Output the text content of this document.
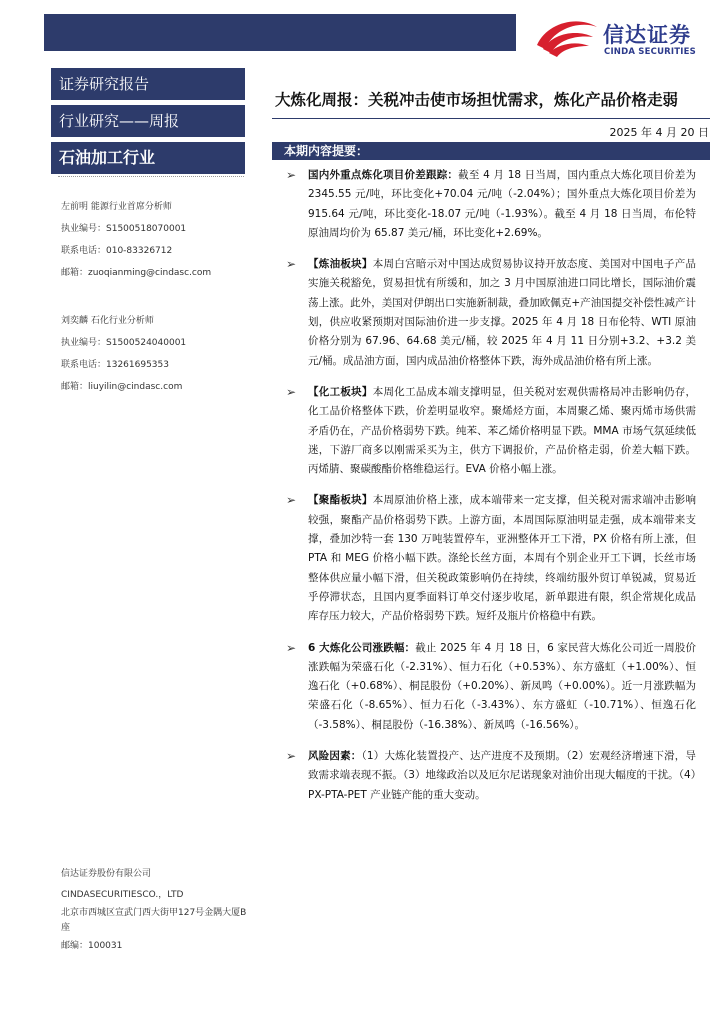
信达证券
CINDA SECURITIES
证券研究报告
行业研究——周报
石油加工行业
左前明 能源行业首席分析师
执业编号：S1500518070001
联系电话：010-83326712
邮箱：zuoqianming@cindasc.com
刘奕麟 石化行业分析师
执业编号：S1500524040001
联系电话：13261695353
邮箱：liuyilin@cindasc.com
信达证券股份有限公司
CINDASECURITIESCO.，LTD
北京市西城区宣武门西大街甲127号金隅大厦B座
邮编：100031
大炼化周报：关税冲击使市场担忧需求，炼化产品价格走弱
2025 年 4 月 20 日
本期内容提要：
➢ 国内外重点炼化项目价差跟踪：截至 4 月 18 日当周，国内重点大炼化项目价差为 2345.55 元/吨，环比变化+70.04 元/吨（-2.04%）；国外重点大炼化项目价差为 915.64 元/吨，环比变化-18.07 元/吨（-1.93%）。截至 4 月 18 日当周，布伦特原油周均价为 65.87 美元/桶，环比变化+2.69%。
➢ 【炼油板块】本周白宫暗示对中国达成贸易协议持开放态度、美国对中国电子产品实施关税豁免，贸易担忧有所缓和，加之 3 月中国原油进口同比增长，国际油价震荡上涨。此外，美国对伊朗出口实施新制裁，叠加欧佩克+产油国提交补偿性减产计划，供应收紧预期对国际油价进一步支撑。2025 年 4 月 18 日布伦特、WTI 原油价格分别为 67.96、64.68 美元/桶，较 2025 年 4 月 11 日分别+3.2、+3.2 美元/桶。成品油方面，国内成品油价格整体下跌，海外成品油价格有所上涨。
➢ 【化工板块】本周化工品成本端支撑明显，但关税对宏观供需格局冲击影响仍存，化工品价格整体下跌，价差明显收窄。聚烯烃方面，本周聚乙烯、聚丙烯市场供需矛盾仍在，产品价格弱势下跌。纯苯、苯乙烯价格明显下跌。MMA 市场气氛延续低迷，下游厂商多以刚需采买为主，供方下调报价，产品价格走弱，价差大幅下跌。丙烯腈、聚碳酸酯价格维稳运行。EVA 价格小幅上涨。
➢ 【聚酯板块】本周原油价格上涨，成本端带来一定支撑，但关税对需求端冲击影响较强，聚酯产品价格弱势下跌。上游方面，本周国际原油明显走强，成本端带来支撑，叠加沙特一套 130 万吨装置停车，亚洲整体开工下滑，PX 价格有所上涨，但 PTA 和 MEG 价格小幅下跌。涤纶长丝方面，本周有个别企业开工下调，长丝市场整体供应量小幅下滑，但关税政策影响仍在持续，终端纺服外贸订单锐减，贸易近乎停滞状态，且国内夏季面料订单交付逐步收尾，新单跟进有限，织企常规化成品库存压力较大，产品价格弱势下跌。短纤及瓶片价格稳中有跌。
➢ 6 大炼化公司涨跌幅：截止 2025 年 4 月 18 日，6 家民营大炼化公司近一周股价涨跌幅为荣盛石化（-2.31%）、恒力石化（+0.53%）、东方盛虹（+1.00%）、恒逸石化（+0.68%）、桐昆股份（+0.20%）、新凤鸣（+0.00%）。近一月涨跌幅为荣盛石化（-8.65%）、恒力石化（-3.43%）、东方盛虹（-10.71%）、恒逸石化（-3.58%）、桐昆股份（-16.38%）、新凤鸣（-16.56%）。
➢ 风险因素：（1）大炼化装置投产、达产进度不及预期。（2）宏观经济增速下滑，导致需求端表现不振。（3）地缘政治以及厄尔尼诺现象对油价出现大幅度的干扰。（4）PX-PTA-PET 产业链产能的重大变动。
